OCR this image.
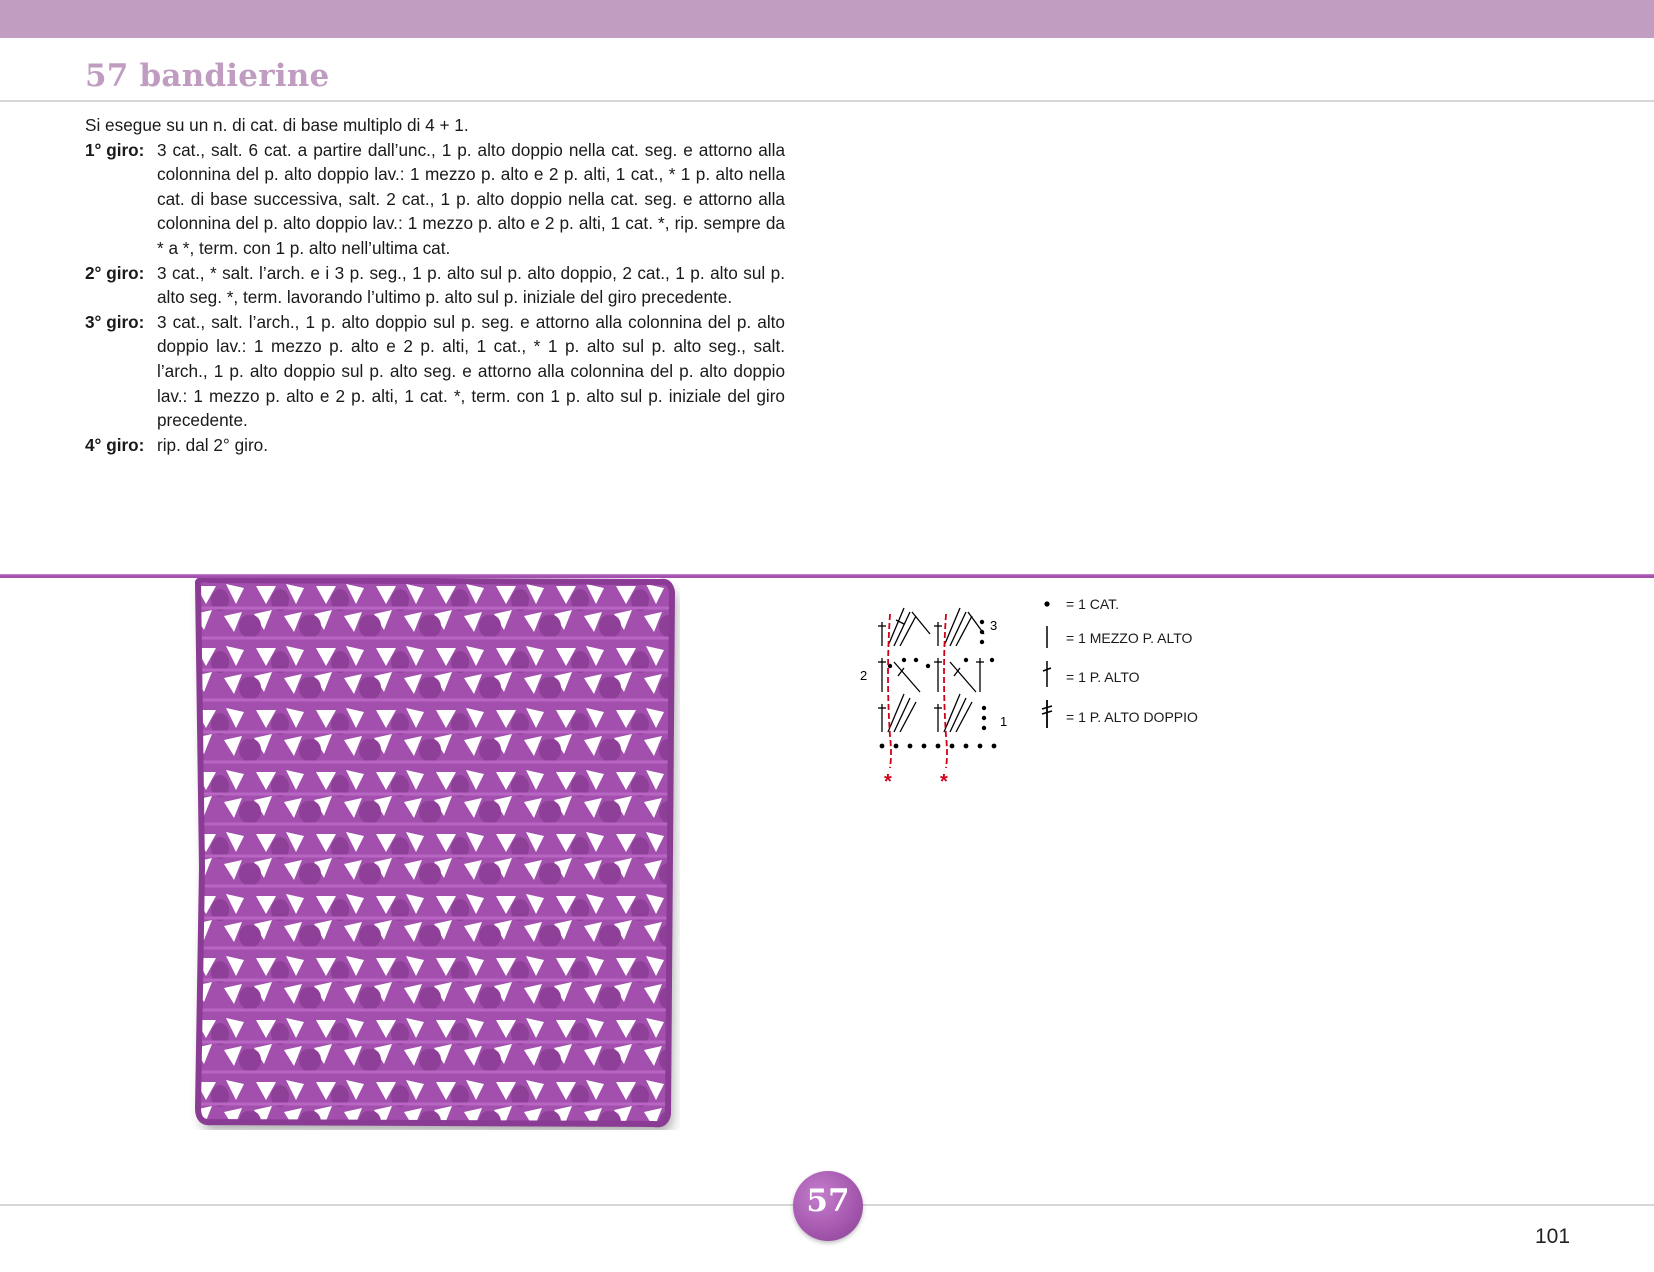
57 bandierine

Si esegue su un n. di cat. di base multiplo di 4 + 1.

1° giro: 3 cat., salt. 6 cat. a partire dall’unc., 1 p. alto doppio nella cat. seg. e attorno alla colonnina del p. alto doppio lav.: 1 mezzo p. alto e 2 p. alti, 1 cat., * 1 p. alto nella cat. di base successiva, salt. 2 cat., 1 p. alto doppio nella cat. seg. e attorno alla colonnina del p. alto doppio lav.: 1 mezzo p. alto e 2 p. alti, 1 cat. *, rip. sempre da * a *, term. con 1 p. alto nell’ultima cat.
2° giro: 3 cat., * salt. l’arch. e i 3 p. seg., 1 p. alto sul p. alto doppio, 2 cat., 1 p. alto sul p. alto seg. *, term. lavorando l’ultimo p. alto sul p. iniziale del giro precedente.
3° giro: 3 cat., salt. l’arch., 1 p. alto doppio sul p. seg. e attorno alla colonnina del p. alto doppio lav.: 1 mezzo p. alto e 2 p. alti, 1 cat., * 1 p. alto sul p. alto seg., salt. l’arch., 1 p. alto doppio sul p. alto seg. e attorno alla colonnina del p. alto doppio lav.: 1 mezzo p. alto e 2 p. alti, 1 cat. *, term. con 1 p. alto sul p. iniziale del giro precedente.
4° giro: rip. dal 2° giro.
3
2
1
* *
= 1 CAT.
= 1 MEZZO P. ALTO
= 1 P. ALTO
= 1 P. ALTO DOPPIO
57
101
